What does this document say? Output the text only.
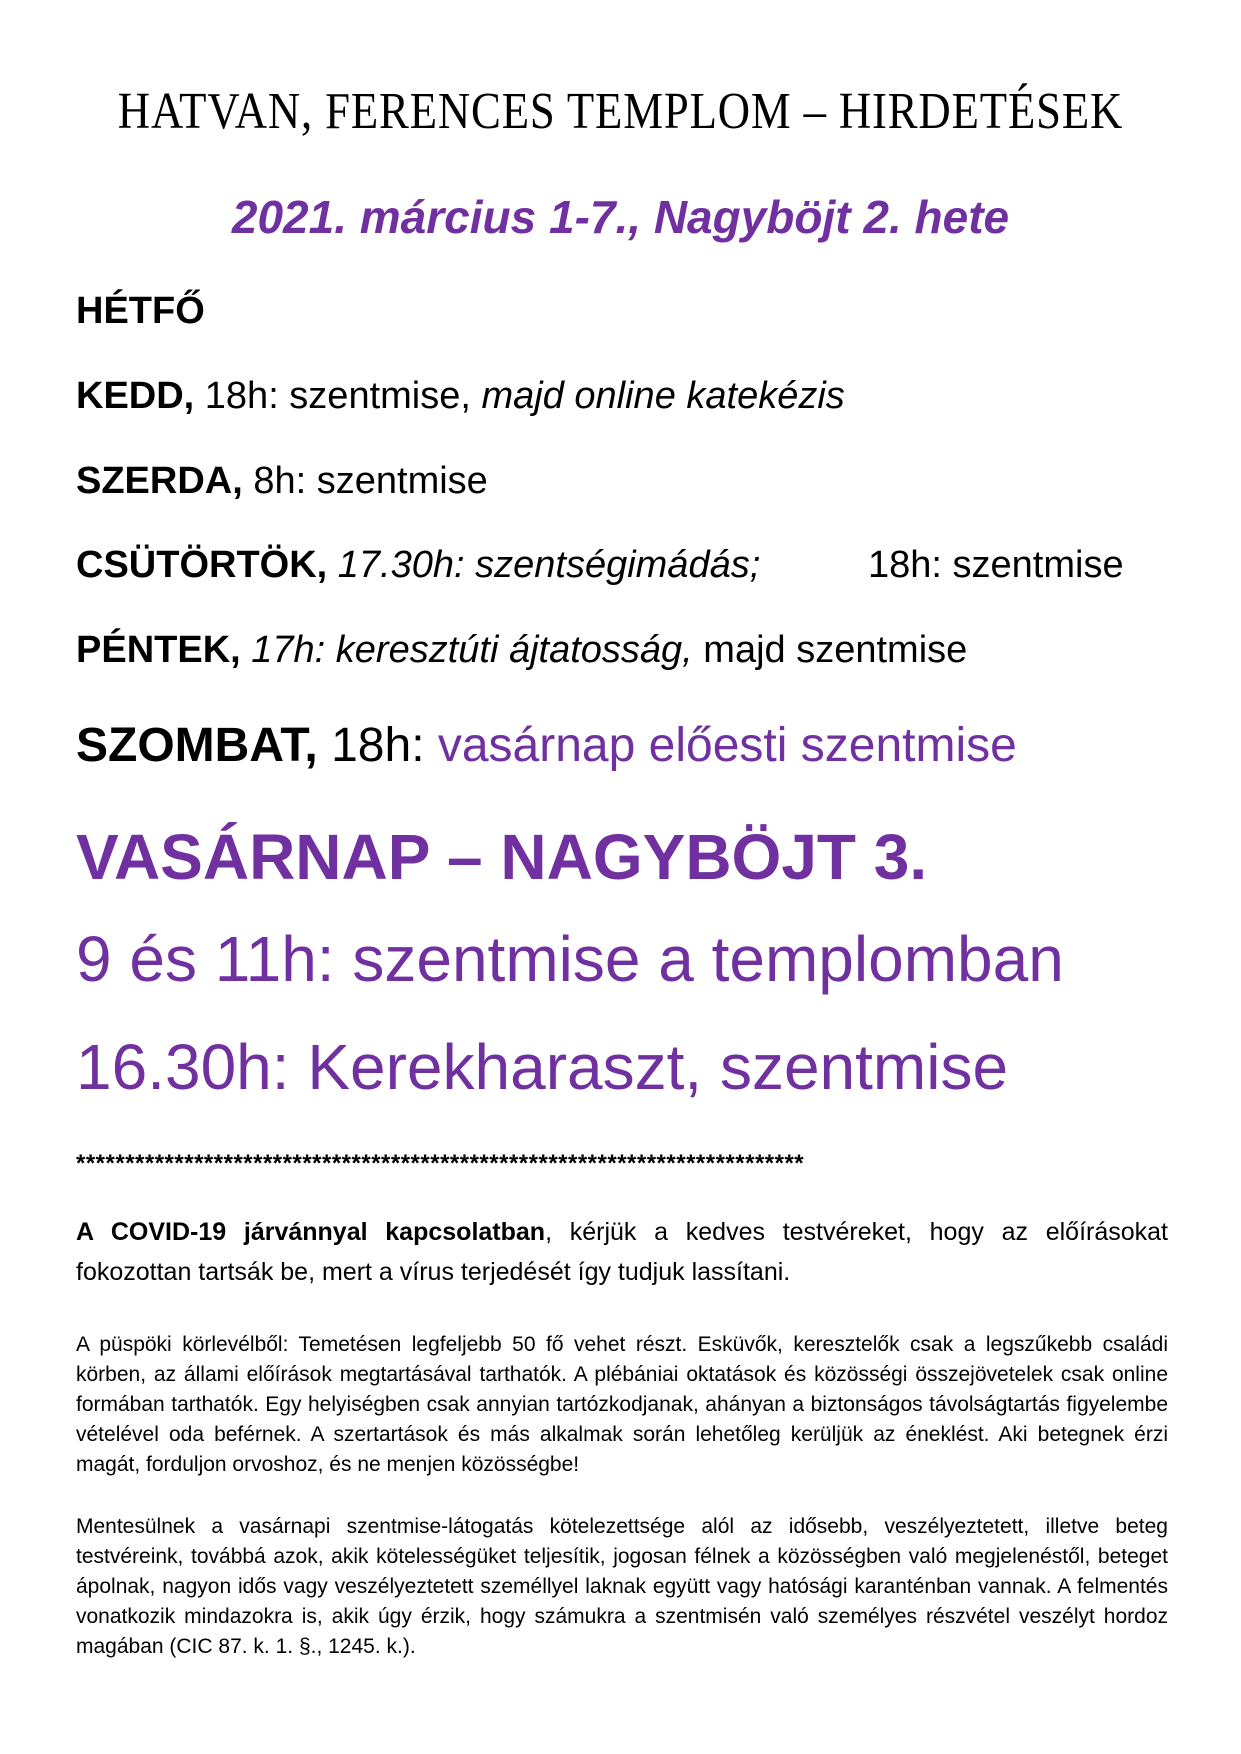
HATVAN, FERENCES TEMPLOM – HIRDETÉSEK
2021. március 1-7., Nagyböjt 2. hete
HÉTFŐ
KEDD, 18h: szentmise, majd online katekézis
SZERDA, 8h: szentmise
CSÜTÖRTÖK, 17.30h: szentségimádás;	18h: szentmise
PÉNTEK, 17h: keresztúti ájtatosság, majd szentmise
SZOMBAT, 18h: vasárnap előesti szentmise
VASÁRNAP – NAGYBÖJT 3.
9 és 11h: szentmise a templomban
16.30h: Kerekharaszt, szentmise
**************************************************************************
A COVID-19 járvánnyal kapcsolatban, kérjük a kedves testvéreket, hogy az előírásokat fokozottan tartsák be, mert a vírus terjedését így tudjuk lassítani.
A püspöki körlevélből: Temetésen legfeljebb 50 fő vehet részt. Esküvők, keresztelők csak a legszűkebb családi körben, az állami előírások megtartásával tarthatók. A plébániai oktatások és közösségi összejövetelek csak online formában tarthatók. Egy helyiségben csak annyian tartózkodjanak, ahányan a biztonságos távolságtartás figyelembe vételével oda beférnek. A szertartások és más alkalmak során lehetőleg kerüljük az éneklést. Aki betegnek érzi magát, forduljon orvoshoz, és ne menjen közösségbe!
Mentesülnek a vasárnapi szentmise-látogatás kötelezettsége alól az idősebb, veszélyeztetett, illetve beteg testvéreink, továbbá azok, akik kötelességüket teljesítik, jogosan félnek a közösségben való megjelenéstől, beteget ápolnak, nagyon idős vagy veszélyeztetett személlyel laknak együtt vagy hatósági karanténban vannak. A felmentés vonatkozik mindazokra is, akik úgy érzik, hogy számukra a szentmisén való személyes részvétel veszélyt hordoz magában (CIC 87. k. 1. §., 1245. k.).
